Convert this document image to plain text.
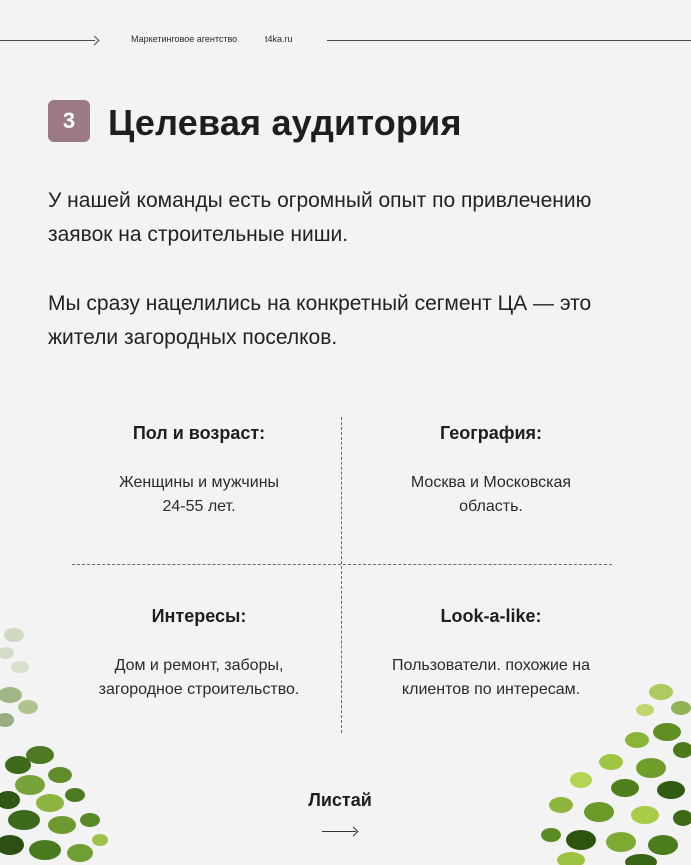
Маркетинговое агентство	t4ka.ru
3 Целевая аудитория
У нашей команды есть огромный опыт по привлечению заявок на строительные ниши.
Мы сразу нацелились на конкретный сегмент ЦА — это жители загородных поселков.
Пол и возраст:
Женщины и мужчины
24-55 лет.
География:
Москва и Московская
область.
Интересы:
Дом и ремонт, заборы,
загородное строительство.
Look-a-like:
Пользователи. похожие на
клиентов по интересам.
Листай
